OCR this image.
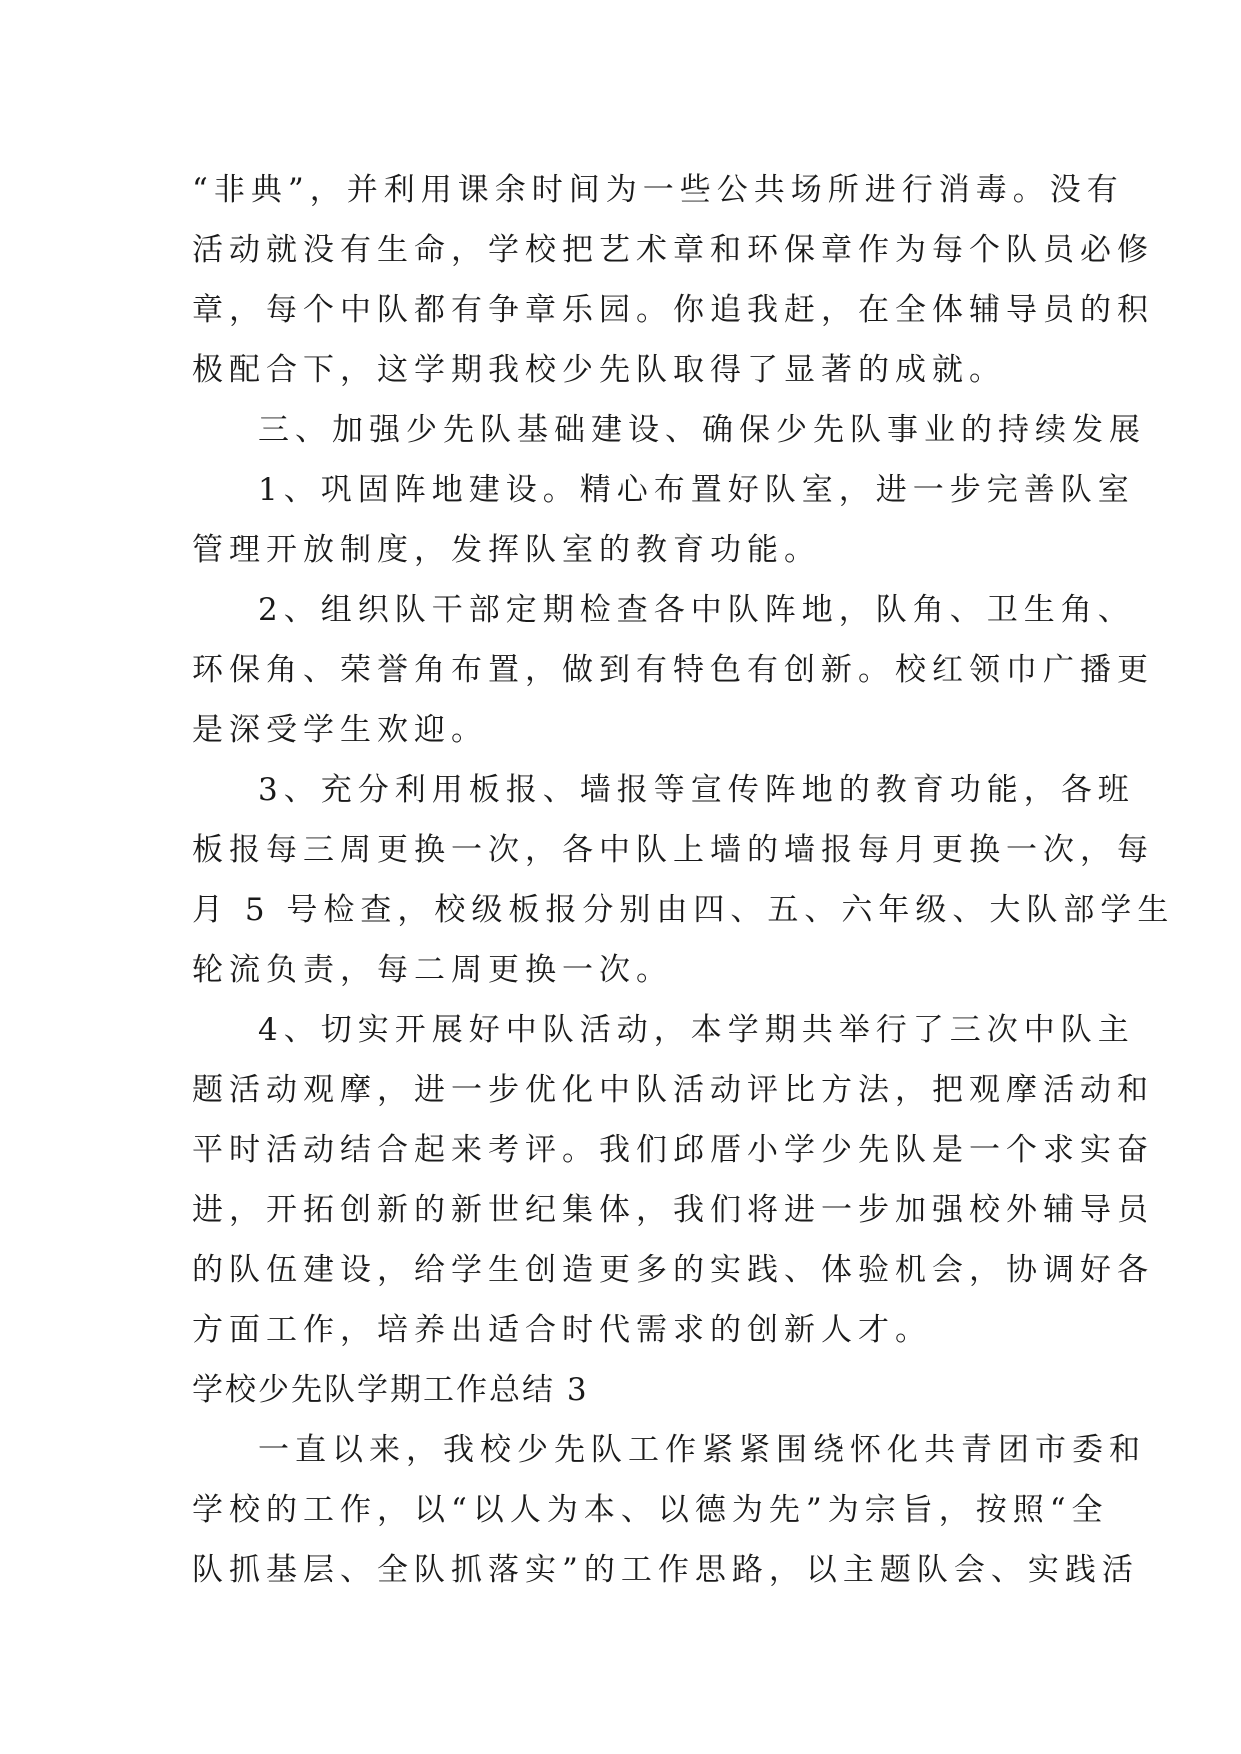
“非典”，并利用课余时间为一些公共场所进行消毒。没有
活动就没有生命，学校把艺术章和环保章作为每个队员必修
章，每个中队都有争章乐园。你追我赶，在全体辅导员的积
极配合下，这学期我校少先队取得了显著的成就。
三、加强少先队基础建设、确保少先队事业的持续发展
1、巩固阵地建设。精心布置好队室，进一步完善队室
管理开放制度，发挥队室的教育功能。
2、组织队干部定期检查各中队阵地，队角、卫生角、
环保角、荣誉角布置，做到有特色有创新。校红领巾广播更
是深受学生欢迎。
3、充分利用板报、墙报等宣传阵地的教育功能，各班
板报每三周更换一次，各中队上墙的墙报每月更换一次，每
月 5 号检查，校级板报分别由四、五、六年级、大队部学生
轮流负责，每二周更换一次。
4、切实开展好中队活动，本学期共举行了三次中队主
题活动观摩，进一步优化中队活动评比方法，把观摩活动和
平时活动结合起来考评。我们邱厝小学少先队是一个求实奋
进，开拓创新的新世纪集体，我们将进一步加强校外辅导员
的队伍建设，给学生创造更多的实践、体验机会，协调好各
方面工作，培养出适合时代需求的创新人才。
学校少先队学期工作总结 3
一直以来，我校少先队工作紧紧围绕怀化共青团市委和
学校的工作，以“以人为本、以德为先”为宗旨，按照“全
队抓基层、全队抓落实”的工作思路，以主题队会、实践活
